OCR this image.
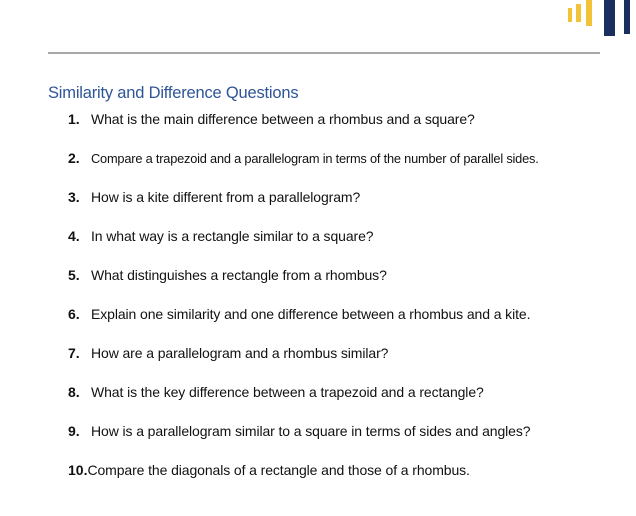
Similarity and Difference Questions
1. What is the main difference between a rhombus and a square?
2. Compare a trapezoid and a parallelogram in terms of the number of parallel sides.
3. How is a kite different from a parallelogram?
4. In what way is a rectangle similar to a square?
5. What distinguishes a rectangle from a rhombus?
6. Explain one similarity and one difference between a rhombus and a kite.
7. How are a parallelogram and a rhombus similar?
8. What is the key difference between a trapezoid and a rectangle?
9. How is a parallelogram similar to a square in terms of sides and angles?
10.Compare the diagonals of a rectangle and those of a rhombus.
